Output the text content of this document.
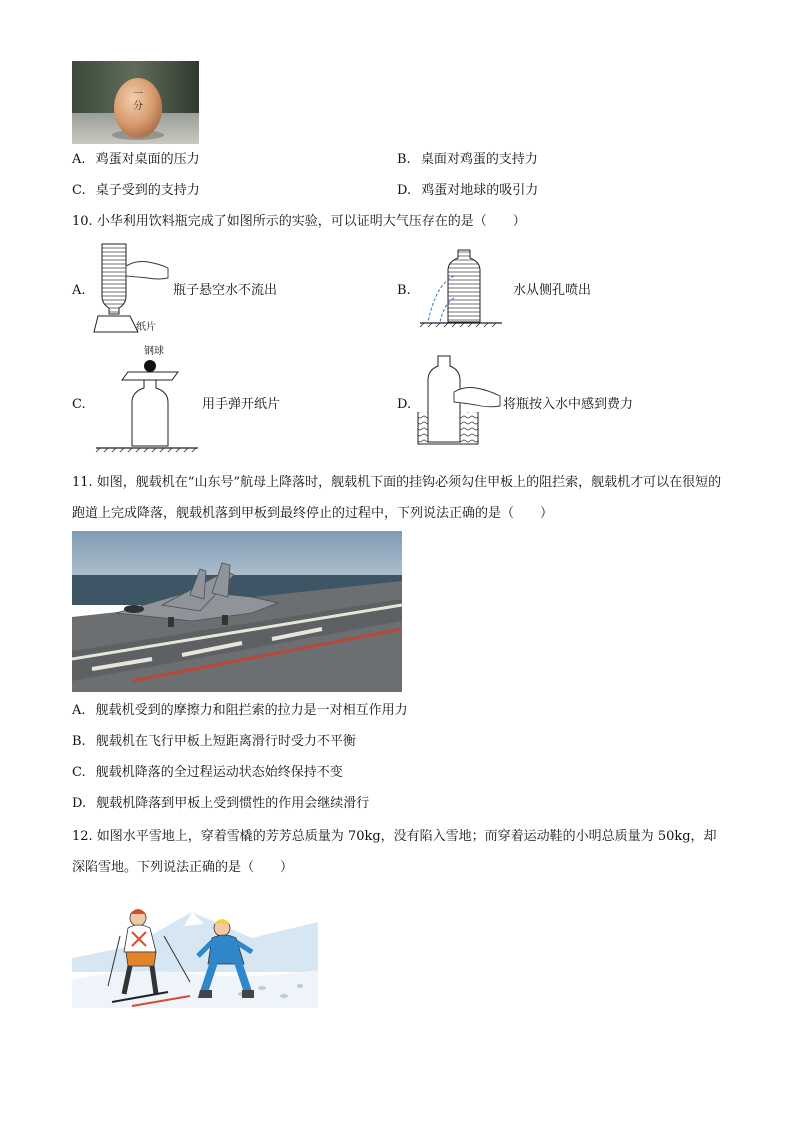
一 分
A. 鸡蛋对桌面的压力	B. 桌面对鸡蛋的支持力
C. 桌子受到的支持力	D. 鸡蛋对地球的吸引力
10. 小华利用饮料瓶完成了如图所示的实验，可以证明大气压存在的是（　　）
A.
纸片
瓶子悬空水不流出	B.	水从侧孔喷出
C.
钢球
用手弹开纸片	D.	将瓶按入水中感到费力
11. 如图，舰载机在“山东号”航母上降落时，舰载机下面的挂钩必须勾住甲板上的阻拦索，舰载机才可以在很短的跑道上完成降落，舰载机落到甲板到最终停止的过程中，下列说法正确的是（　　）
A. 舰载机受到的摩擦力和阻拦索的拉力是一对相互作用力
B. 舰载机在飞行甲板上短距离滑行时受力不平衡
C. 舰载机降落的全过程运动状态始终保持不变
D. 舰载机降落到甲板上受到惯性的作用会继续滑行
12. 如图水平雪地上，穿着雪橇的芳芳总质量为 70kg，没有陷入雪地；而穿着运动鞋的小明总质量为 50kg，却深陷雪地。下列说法正确的是（　　）
